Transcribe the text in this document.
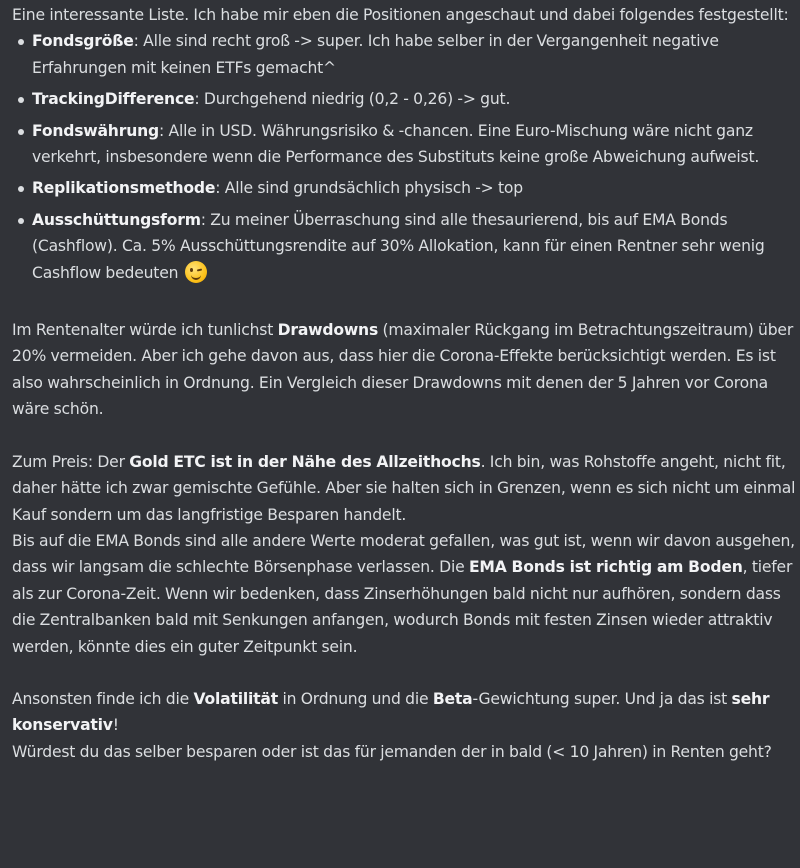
Eine interessante Liste. Ich habe mir eben die Positionen angeschaut und dabei folgendes festgestellt:

Fondsgröße: Alle sind recht groß -> super. Ich habe selber in der Vergangenheit negative Erfahrungen mit keinen ETFs gemacht^
TrackingDifference: Durchgehend niedrig (0,2 - 0,26) -> gut.
Fondswährung: Alle in USD. Währungsrisiko & -chancen. Eine Euro-Mischung wäre nicht ganz verkehrt, insbesondere wenn die Performance des Substituts keine große Abweichung aufweist.
Replikationsmethode: Alle sind grundsächlich physisch -> top
Ausschüttungsform: Zu meiner Überraschung sind alle thesaurierend, bis auf EMA Bonds (Cashflow). Ca. 5% Ausschüttungsrendite auf 30% Allokation, kann für einen Rentner sehr wenig Cashflow bedeuten

Im Rentenalter würde ich tunlichst Drawdowns (maximaler Rückgang im Betrachtungszeitraum) über 20% vermeiden. Aber ich gehe davon aus, dass hier die Corona-Effekte berücksichtigt werden. Es ist also wahrscheinlich in Ordnung. Ein Vergleich dieser Drawdowns mit denen der 5 Jahren vor Corona wäre schön.

Zum Preis: Der Gold ETC ist in der Nähe des Allzeithochs. Ich bin, was Rohstoffe angeht, nicht fit, daher hätte ich zwar gemischte Gefühle. Aber sie halten sich in Grenzen, wenn es sich nicht um einmal Kauf sondern um das langfristige Besparen handelt.

Bis auf die EMA Bonds sind alle andere Werte moderat gefallen, was gut ist, wenn wir davon ausgehen, dass wir langsam die schlechte Börsenphase verlassen. Die EMA Bonds ist richtig am Boden, tiefer als zur Corona-Zeit. Wenn wir bedenken, dass Zinserhöhungen bald nicht nur aufhören, sondern dass die Zentralbanken bald mit Senkungen anfangen, wodurch Bonds mit festen Zinsen wieder attraktiv werden, könnte dies ein guter Zeitpunkt sein.

Ansonsten finde ich die Volatilität in Ordnung und die Beta-Gewichtung super. Und ja das ist sehr konservativ!

Würdest du das selber besparen oder ist das für jemanden der in bald (< 10 Jahren) in Renten geht?
